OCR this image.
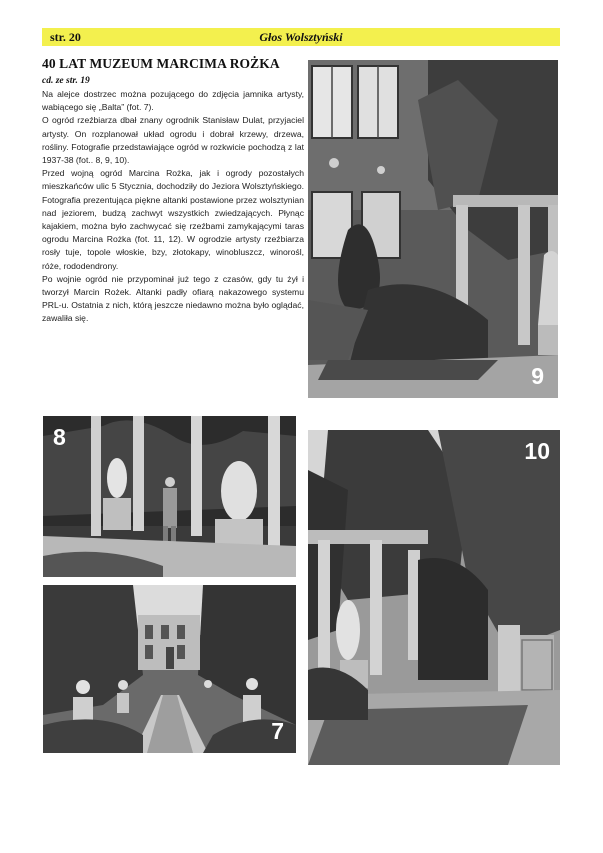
str. 20	Głos Wolsztyński
40 LAT MUZEUM MARCIMA ROŻKA
cd. ze str. 19

Na alejce dostrzec można pozującego do zdjęcia jamnika artysty, wabiącego się „Balta” (fot. 7).

O ogród rzeźbiarza dbał znany ogrodnik Stanisław Dulat, przyjaciel artysty. On rozplanował układ ogrodu i dobrał krzewy, drzewa, rośliny. Fotografie przedstawiające ogród w rozkwicie pochodzą z lat 1937-38 (fot.. 8, 9, 10).

Przed wojną ogród Marcina Rożka, jak i ogrody pozostałych mieszkańców ulic 5 Stycznia, dochodziły do Jeziora Wolsztyńskiego. Fotografia prezentująca piękne altanki postawione przez wolsztynian nad jeziorem, budzą zachwyt wszystkich zwiedzających. Płynąc kajakiem, można było zachwycać się rzeźbami zamykającymi taras ogrodu Marcina Rożka (fot. 11, 12). W ogrodzie artysty rzeźbiarza rosły tuje, topole włoskie, bzy, złotokapy, winobluszcz, winorośl, róże, rododendrony.

Po wojnie ogród nie przypominał już tego z czasów, gdy tu żył i tworzył Marcin Rożek. Altanki padły ofiarą nakazowego systemu PRL-u. Ostatnia z nich, którą jeszcze niedawno można było oglądać, zawaliła się.

9
8
10
7
